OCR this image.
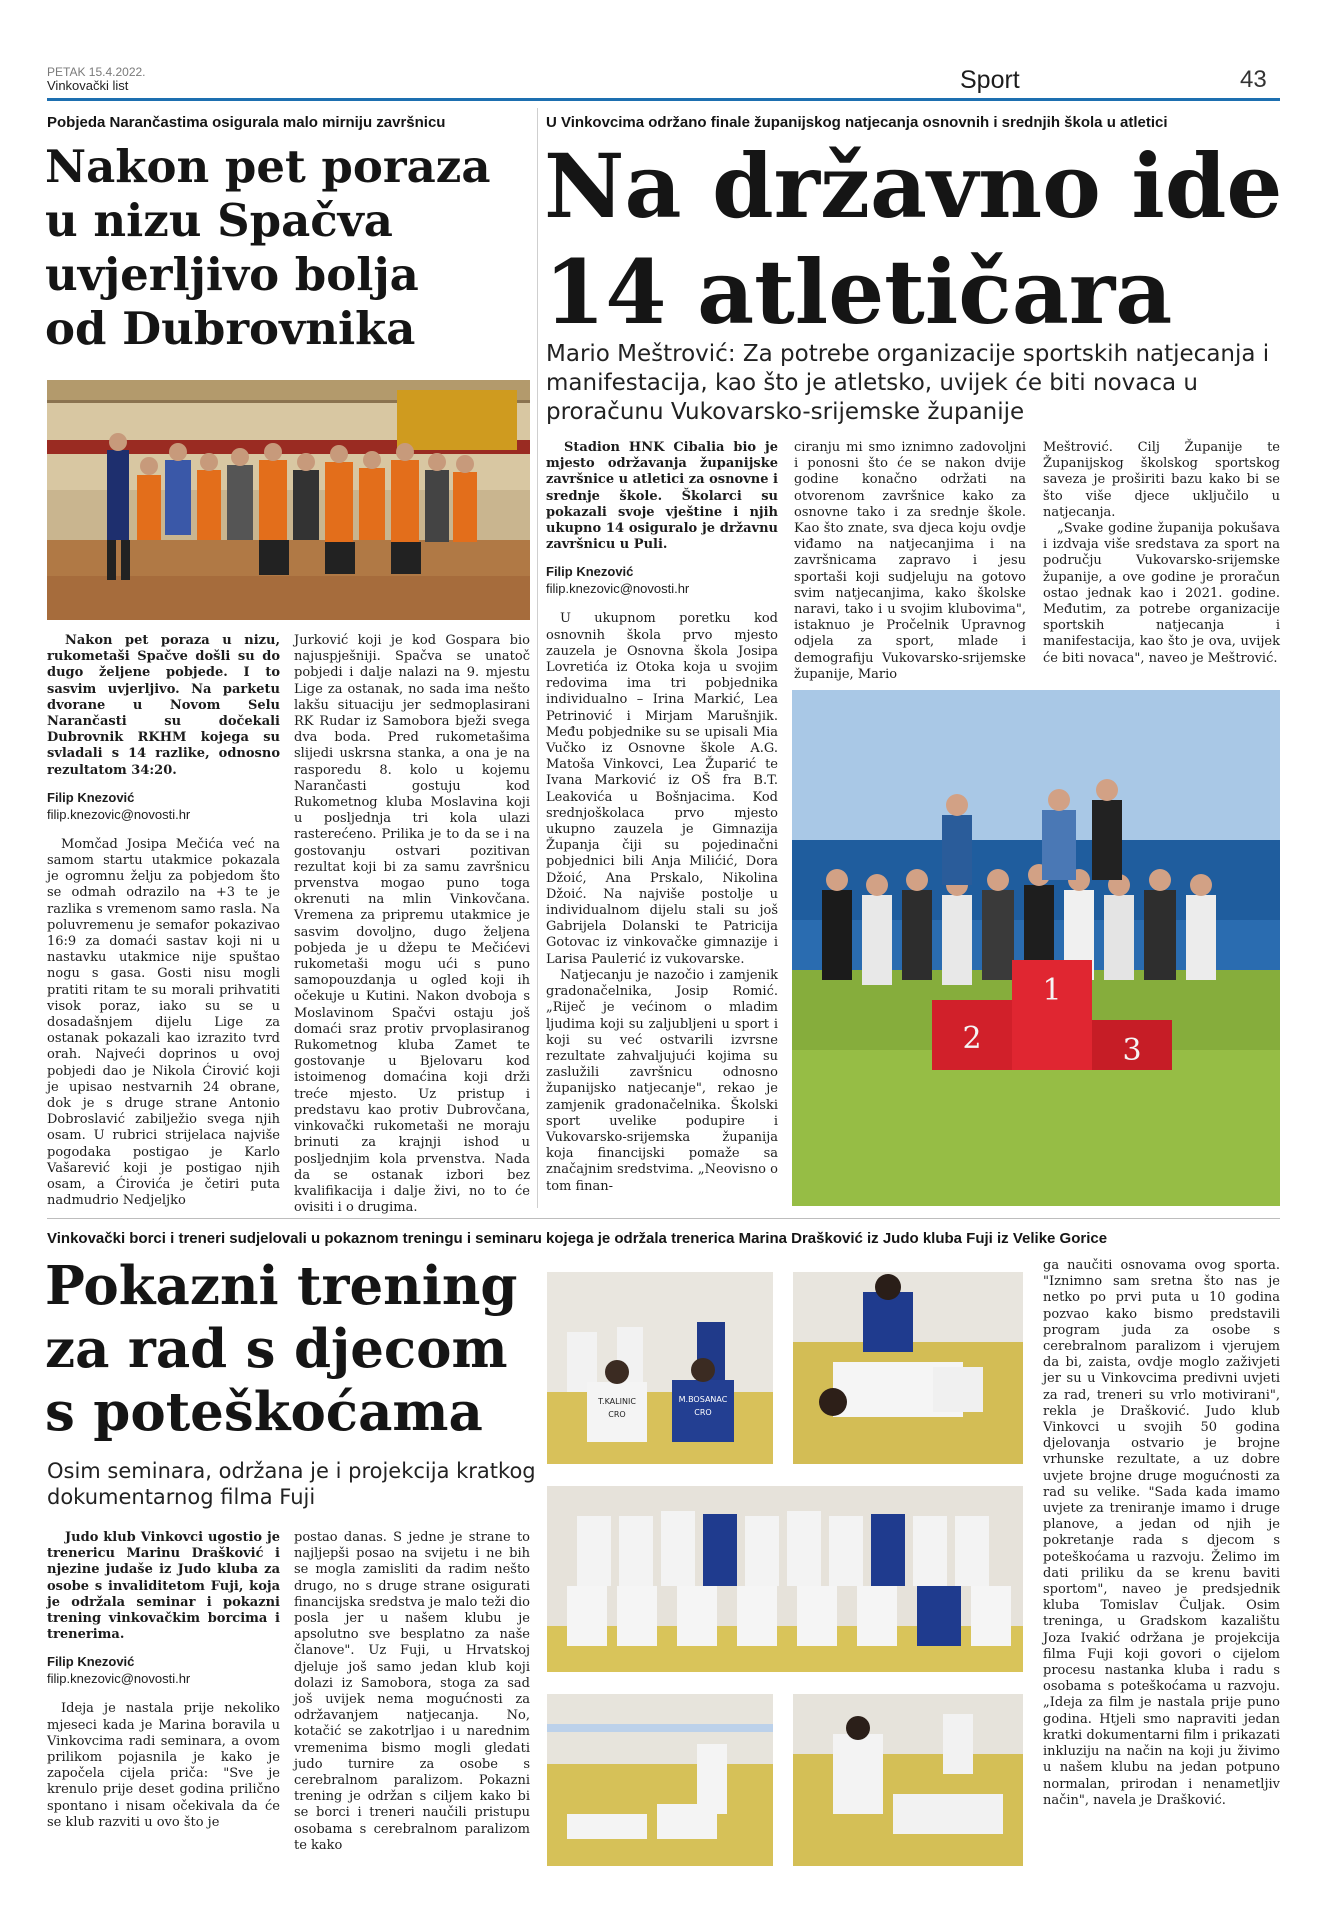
PETAK 15.4.2022.
Vinkovački list	Sport	43
Pobjeda Narančastima osigurala malo mirniju završnicu
Nakon pet poraza
u nizu Spačva
uvjerljivo bolja
od Dubrovnika

Nakon pet poraza u nizu, rukometaši Spačve došli su do dugo željene pobjede. I to sasvim uvjerljivo. Na parketu dvorane u Novom Selu Narančasti su dočekali Dubrovnik RKHM kojega su svladali s 14 razlike, odnosno rezultatom 34:20.

Filip Knezović
filip.knezovic@novosti.hr

Momčad Josipa Mečića već na samom startu utakmice pokazala je ogromnu želju za pobjedom što se odmah odrazilo na +3 te je razlika s vremenom samo rasla. Na poluvremenu je semafor pokazivao 16:9 za domaći sastav koji ni u nastavku utakmice nije spuštao nogu s gasa. Gosti nisu mogli pratiti ritam te su morali prihvatiti visok poraz, iako su se u dosadašnjem dijelu Lige za ostanak pokazali kao izrazito tvrd orah. Najveći doprinos u ovoj pobjedi dao je Nikola Ćirović koji je upisao nestvarnih 24 obrane, dok je s druge strane Antonio Dobroslavić zabilježio svega njih osam. U rubrici strijelaca najviše pogodaka postigao je Karlo Vašarević koji je postigao njih osam, a Ćirovića je četiri puta nadmudrio Nedjeljko

Jurković koji je kod Gospara bio najuspješniji. Spačva se unatoč pobjedi i dalje nalazi na 9. mjestu Lige za ostanak, no sada ima nešto lakšu situaciju jer sedmoplasirani RK Rudar iz Samobora bježi svega dva boda. Pred rukometašima slijedi uskrsna stanka, a ona je na rasporedu 8. kolo u kojemu Narančasti gostuju kod Rukometnog kluba Moslavina koji u posljednja tri kola ulazi rasterećeno. Prilika je to da se i na gostovanju ostvari pozitivan rezultat koji bi za samu završnicu prvenstva mogao puno toga okrenuti na mlin Vinkovčana. Vremena za pripremu utakmice je sasvim dovoljno, dugo željena pobjeda je u džepu te Mečićevi rukometaši mogu ući s puno samopouzdanja u ogled koji ih očekuje u Kutini. Nakon dvoboja s Moslavinom Spačvi ostaju još domaći sraz protiv prvoplasiranog Rukometnog kluba Zamet te gostovanje u Bjelovaru kod istoimenog domaćina koji drži treće mjesto. Uz pristup i predstavu kao protiv Dubrovčana, vinkovački rukometaši ne moraju brinuti za krajnji ishod u posljednjim kola prvenstva. Nada da se ostanak izbori bez kvalifikacija i dalje živi, no to će ovisiti i o drugima.

U Vinkovcima održano finale županijskog natjecanja osnovnih i srednjih škola u atletici
Na državno ide
14 atletičara
Mario Meštrović: Za potrebe organizacije sportskih natjecanja i manifestacija, kao što je atletsko, uvijek će biti novaca u proračunu Vukovarsko-srijemske županije

Stadion HNK Cibalia bio je mjesto održavanja županijske završnice u atletici za osnovne i srednje škole. Školarci su pokazali svoje vještine i njih ukupno 14 osiguralo je državnu završnicu u Puli.

Filip Knezović
filip.knezovic@novosti.hr

U ukupnom poretku kod osnovnih škola prvo mjesto zauzela je Osnovna škola Josipa Lovretića iz Otoka koja u svojim redovima ima tri pobjednika individualno – Irina Markić, Lea Petrinović i Mirjam Marušnjik. Među pobjednike su se upisali Mia Vučko iz Osnovne škole A.G. Matoša Vinkovci, Lea Župarić te Ivana Marković iz OŠ fra B.T. Leakovića u Bošnjacima. Kod srednjoškolaca prvo mjesto ukupno zauzela je Gimnazija Županja čiji su pojedinačni pobjednici bili Anja Milićić, Dora Džoić, Ana Prskalo, Nikolina Džoić. Na najviše postolje u individualnom dijelu stali su još Gabrijela Dolanski te Patricija Gotovac iz vinkovačke gimnazije i Larisa Paulетić iz vukovarske.

Natjecanju je nazočio i zamjenik gradonačelnika, Josip Romić. „Riječ je većinom o mladim ljudima koji su zaljubljeni u sport i koji su već ostvarili izvrsne rezultate zahvaljujući kojima su zaslužili završnicu odnosno županijsko natjecanje", rekao je zamjenik gradonačelnika. Školski sport uvelike podupire i Vukovarsko-srijemska županija koja financijski pomaže sa značajnim sredstvima. „Neovisno o tom finan-

ciranju mi smo iznimno zadovoljni i ponosni što će se nakon dvije godine konačno održati na otvorenom završnice kako za osnovne tako i za srednje škole. Kao što znate, sva djeca koju ovdje viđamo na natjecanjima i na završnicama zapravo i jesu sportaši koji sudjeluju na gotovo svim natjecanjima, kako školske naravi, tako i u svojim klubovima", istaknuo je Pročelnik Upravnog odjela za sport, mlade i demografiju Vukovarsko-srijemske županije, Mario

Meštrović. Cilj Županije te Županijskog školskog sportskog saveza je proširiti bazu kako bi se što više djece uključilo u natjecanja.

„Svake godine županija pokušava i izdvaja više sredstava za sport na području Vukovarsko-srijemske županije, a ove godine je proračun ostao jednak kao i 2021. godine. Međutim, za potrebe organizacije sportskih natjecanja i manifestacija, kao što je ova, uvijek će biti novaca", naveo je Meštrović.

2
1
3
Vinkovački borci i treneri sudjelovali u pokaznom treningu i seminaru kojega je održala trenerica Marina Drašković iz Judo kluba Fuji iz Velike Gorice
Pokazni trening
za rad s djecom
s poteškoćama
Osim seminara, održana je i projekcija kratkog dokumentarnog filma Fuji

Judo klub Vinkovci ugostio je trenericu Marinu Drašković i njezine judaše iz Judo kluba za osobe s invaliditetom Fuji, koja je održala seminar i pokazni trening vinkovačkim borcima i trenerima.

Filip Knezović
filip.knezovic@novosti.hr

Ideja je nastala prije nekoliko mjeseci kada je Marina boravila u Vinkovcima radi seminara, a ovom prilikom pojasnila je kako je započela cijela priča: "Sve je krenulo prije deset godina prilično spontano i nisam očekivala da će se klub razviti u ovo što je

postao danas. S jedne je strane to najljepši posao na svijetu i ne bih se mogla zamisliti da radim nešto drugo, no s druge strane osigurati financijska sredstva je malo teži dio posla jer u našem klubu je apsolutno sve besplatno za naše članove". Uz Fuji, u Hrvatskoj djeluje još samo jedan klub koji dolazi iz Samobora, stoga za sad još uvijek nema mogućnosti za održavanjem natjecanja. No, kotačić se zakotrljao i u narednim vremenima bismo mogli gledati judo turnire za osobe s cerebralnom paralizom. Pokazni trening je održan s ciljem kako bi se borci i treneri naučili pristupu osobama s cerebralnom paralizom te kako

ga naučiti osnovama ovog sporta. "Iznimno sam sretna što nas je netko po prvi puta u 10 godina pozvao kako bismo predstavili program juda za osobe s cerebralnom paralizom i vjerujem da bi, zaista, ovdje moglo zaživjeti jer su u Vinkovcima predivni uvjeti za rad, treneri su vrlo motivirani", rekla je Drašković. Judo klub Vinkovci u svojih 50 godina djelovanja ostvario je brojne vrhunske rezultate, a uz dobre uvjete brojne druge mogućnosti za rad su velike. "Sada kada imamo uvjete za treniranje imamo i druge planove, a jedan od njih je pokretanje rada s djecom s poteškoćama u razvoju. Želimo im dati priliku da se krenu baviti sportom", naveo je predsjednik kluba Tomislav Čuljak. Osim treninga, u Gradskom kazalištu Joza Ivakić održana je projekcija filma Fuji koji govori o cijelom procesu nastanka kluba i radu s osobama s poteškoćama u razvoju. „Ideja za film je nastala prije puno godina. Htjeli smo napraviti jedan kratki dokumentarni film i prikazati inkluziju na način na koji ju živimo u našem klubu na jedan potpuno normalan, prirodan i nenametljiv način", navela je Drašković.

T.KALINIC
CRO
M.BOSANAC
CRO
